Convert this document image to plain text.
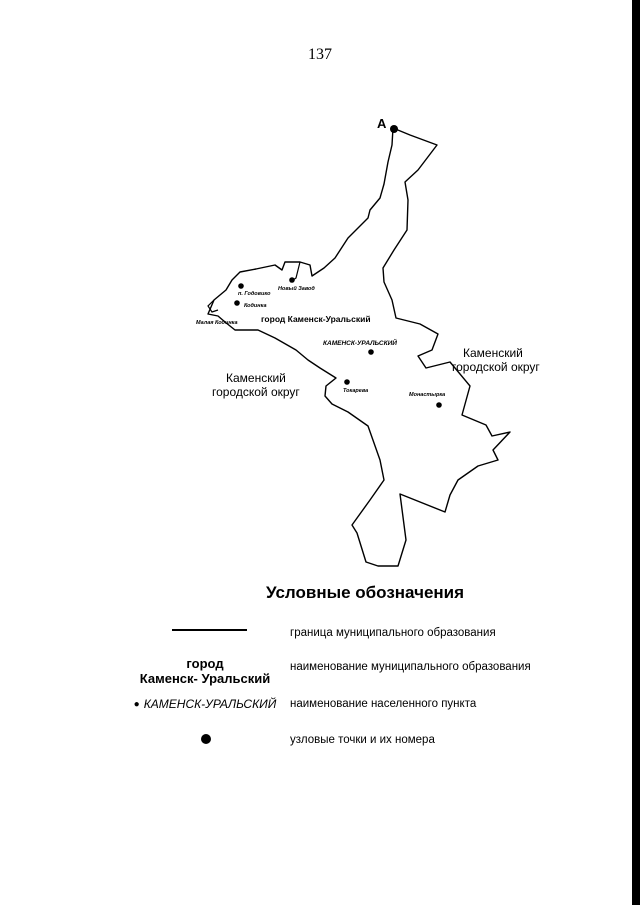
137
А
п. Годовико
Новый Завод
Кодинка
Малая Кодинка	город Каменск-Уральский
КАМЕНСК-УРАЛЬСКИЙ
Токарева
Монастырка
Каменский
городской округ
Каменский
городской округ
Условные обозначения
граница муниципального образования
город
Каменск- Уральский
наименование муниципального образования
● КАМЕНСК-УРАЛЬСКИЙ	наименование населенного пункта
узловые точки и их номера
